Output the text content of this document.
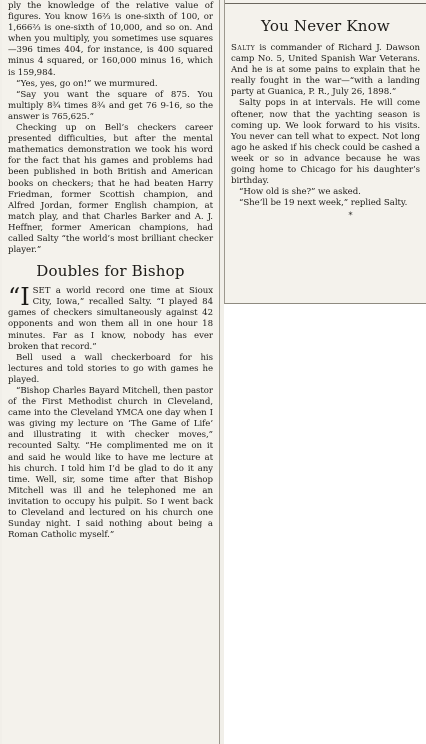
ply the knowledge of the relative value of figures. You know 16⅔ is one-sixth of 100, or 1,666⅔ is one-sixth of 10,000, and so on. And when you multiply, you sometimes use squares—396 times 404, for instance, is 400 squared minus 4 squared, or 160,000 minus 16, which is 159,984.

“Yes, yes, go on!” we murmured.

“Say you want the square of 875. You multiply 8¾ times 8¾ and get 76 9-16, so the answer is 765,625.”

Checking up on Bell’s checkers career presented difficulties, but after the mental mathematics demonstration we took his word for the fact that his games and problems had been published in both British and American books on checkers; that he had beaten Harry Friedman, former Scottish champion, and Alfred Jordan, former English champion, at match play, and that Charles Barker and A. J. Heffner, former American champions, had called Salty “the world’s most brilliant checker player.”

Doubles for Bishop

“ISET a world record one time at Sioux City, Iowa,” recalled Salty. “I played 84 games of checkers simultaneously against 42 opponents and won them all in one hour 18 minutes. Far as I know, nobody has ever broken that record.”

Bell used a wall checkerboard for his lectures and told stories to go with games he played.

“Bishop Charles Bayard Mitchell, then pastor of the First Methodist church in Cleveland, came into the Cleveland YMCA one day when I was giving my lecture on ‘The Game of Life’ and illustrating it with checker moves,” recounted Salty. “He complimented me on it and said he would like to have me lecture at his church. I told him I’d be glad to do it any time. Well, sir, some time after that Bishop Mitchell was ill and he telephoned me an invitation to occupy his pulpit. So I went back to Cleveland and lectured on his church one Sunday night. I said nothing about being a Roman Catholic myself.”

You Never Know

Salty is commander of Richard J. Dawson camp No. 5, United Spanish War Veterans. And he is at some pains to explain that he really fought in the war—“with a landing party at Guanica, P. R., July 26, 1898.”

Salty pops in at intervals. He will come oftener, now that the yachting season is coming up. We look forward to his visits. You never can tell what to expect. Not long ago he asked if his check could be cashed a week or so in advance because he was going home to Chicago for his daughter’s birthday.

“How old is she?” we asked.

“She’ll be 19 next week,” replied Salty.

*
